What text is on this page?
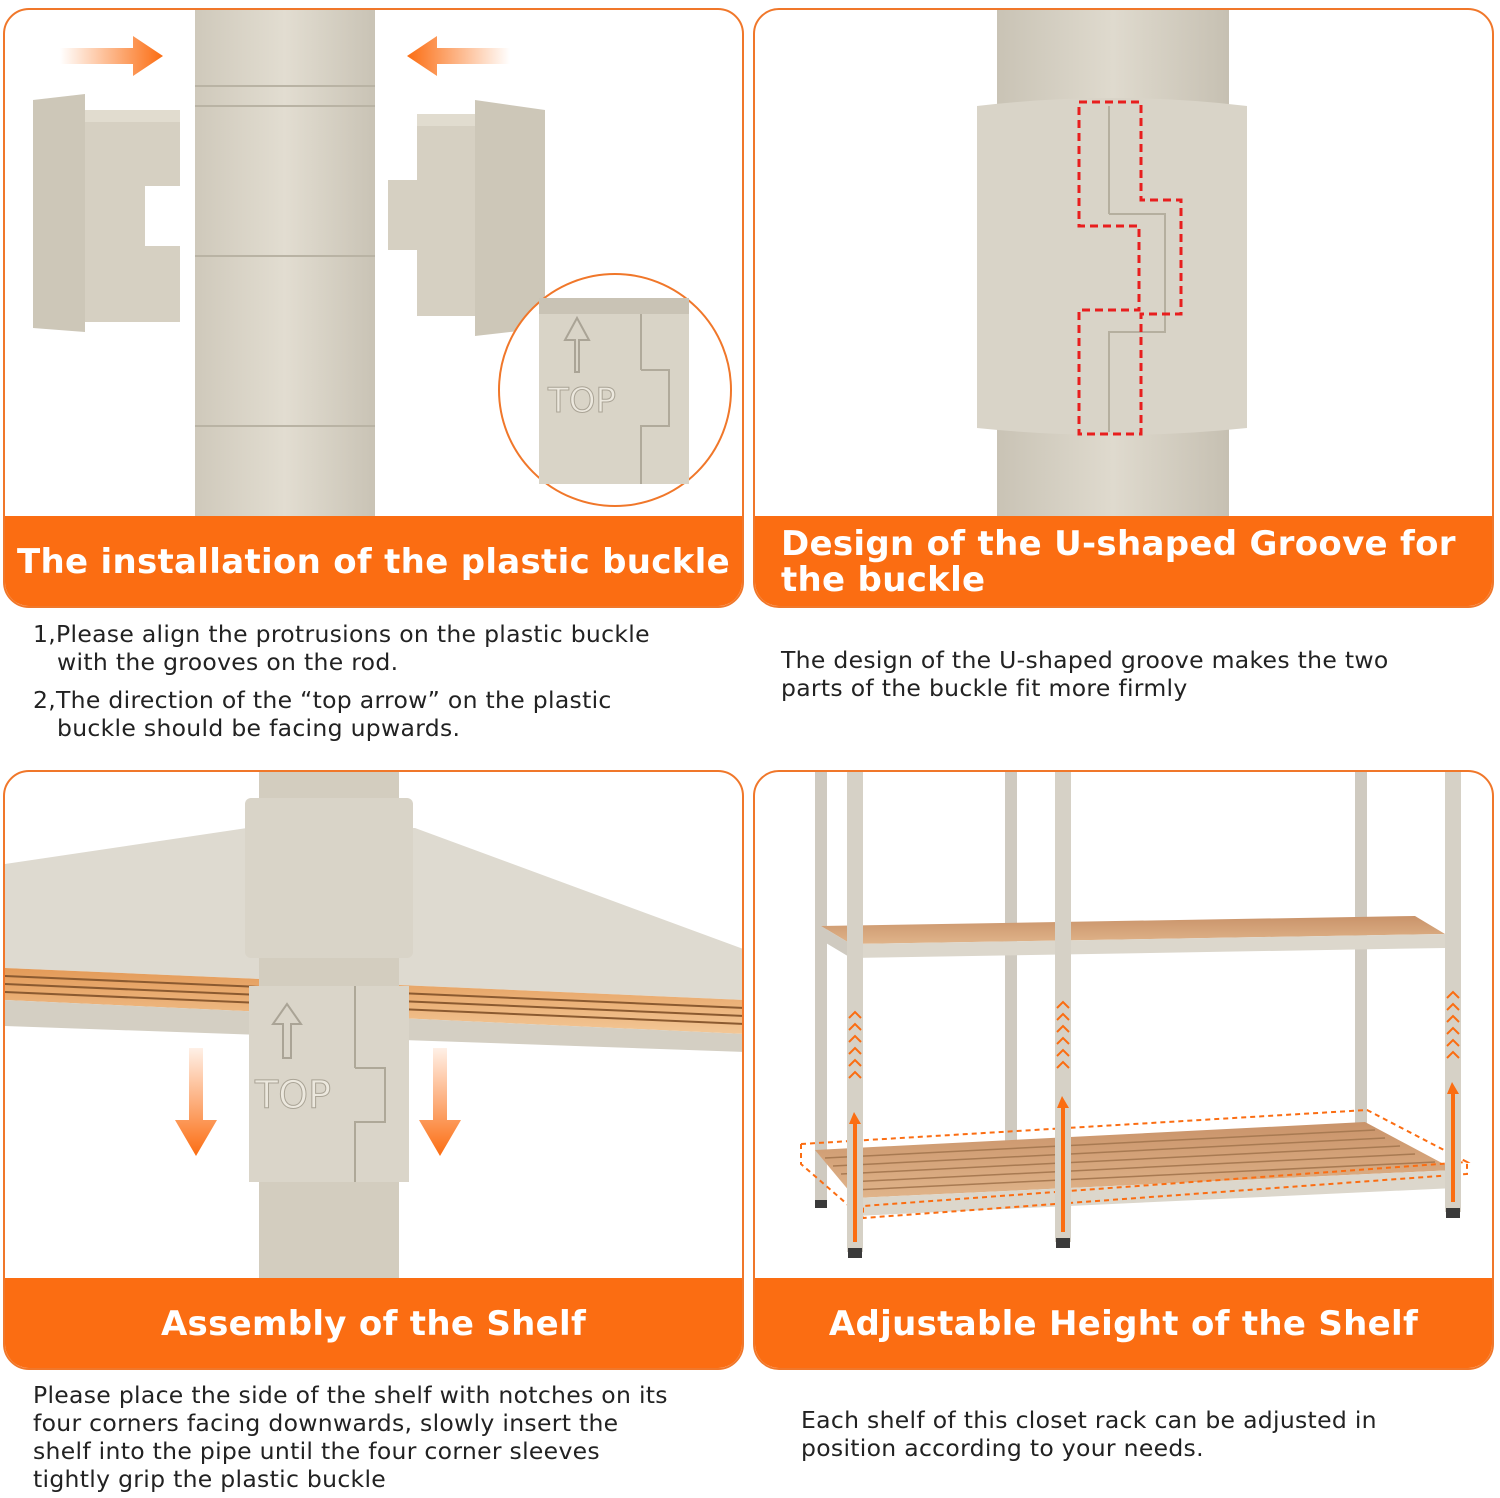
TOP
The installation of the plastic buckle

1,Please align the protrusions on the plastic buckle
with the grooves on the rod.

2,The direction of the “top arrow” on the plastic
buckle should be facing upwards.

Design of the U-shaped Groove for
the buckle
The design of the U-shaped groove makes the two
parts of the buckle fit more firmly
TOP
Assembly of the Shelf
Please place the side of the shelf with notches on its
four corners facing downwards, slowly insert the
shelf into the pipe until the four corner sleeves
tightly grip the plastic buckle
Adjustable Height of the Shelf
Each shelf of this closet rack can be adjusted in
position according to your needs.
